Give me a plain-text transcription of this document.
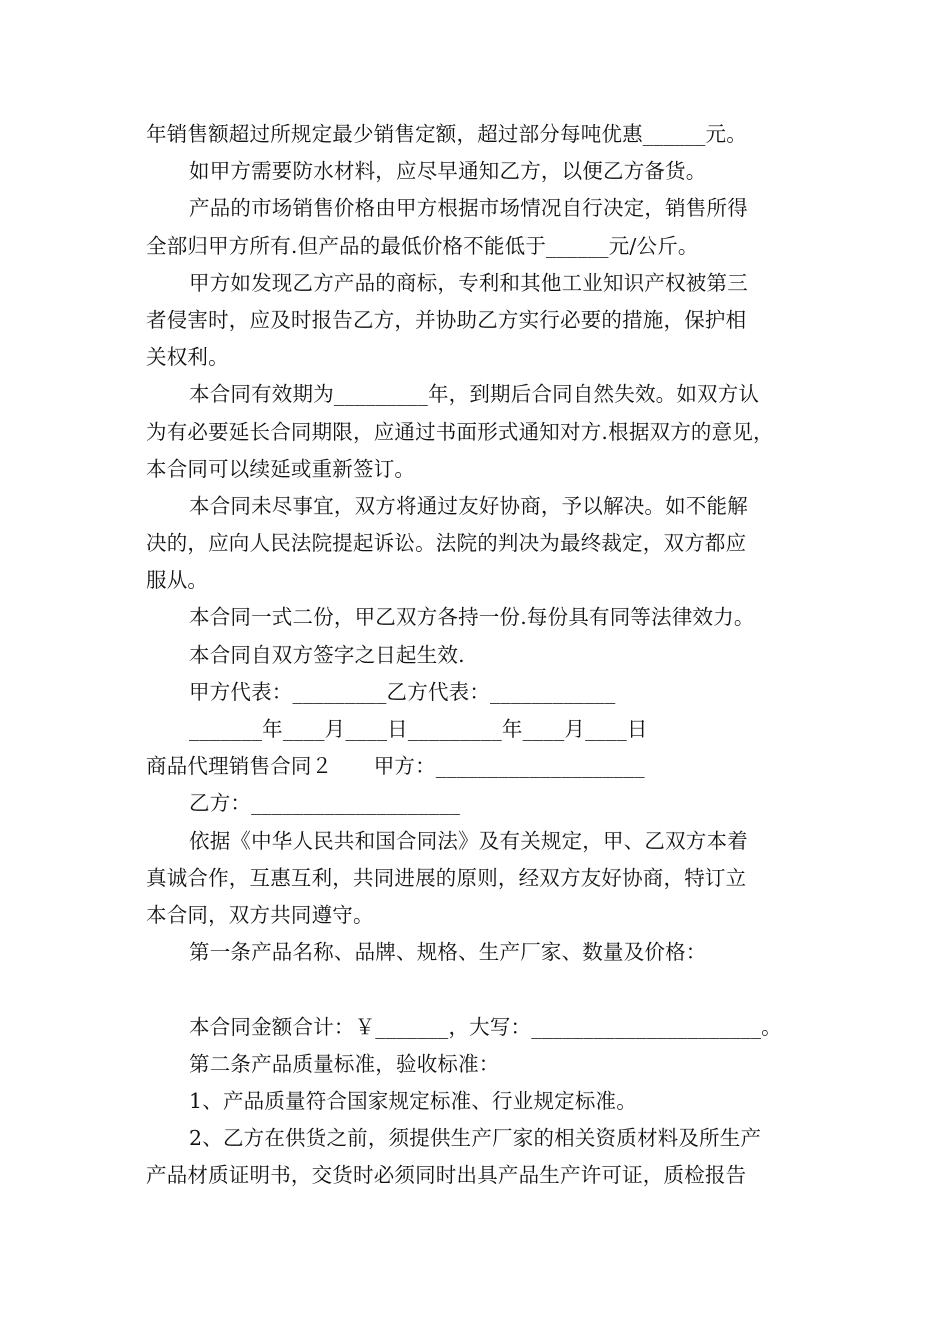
年销售额超过所规定最少销售定额，超过部分每吨优惠______元。
如甲方需要防水材料，应尽早通知乙方，以便乙方备货。
产品的市场销售价格由甲方根据市场情况自行决定，销售所得
全部归甲方所有.但产品的最低价格不能低于______元/公斤。
甲方如发现乙方产品的商标，专利和其他工业知识产权被第三
者侵害时，应及时报告乙方，并协助乙方实行必要的措施，保护相
关权利。
本合同有效期为_________年，到期后合同自然失效。如双方认
为有必要延长合同期限，应通过书面形式通知对方.根据双方的意见，
本合同可以续延或重新签订。
本合同未尽事宜，双方将通过友好协商，予以解决。如不能解
决的，应向人民法院提起诉讼。法院的判决为最终裁定，双方都应
服从。
本合同一式二份，甲乙双方各持一份.每份具有同等法律效力。
本合同自双方签字之日起生效.
甲方代表：_________乙方代表：____________
_______年____月____日_________年____月____日
商品代理销售合同２　　甲方：____________________
乙方：____________________
依据《中华人民共和国合同法》及有关规定，甲、乙双方本着
真诚合作，互惠互利，共同进展的原则，经双方友好协商，特订立
本合同，双方共同遵守。
第一条产品名称、品牌、规格、生产厂家、数量及价格：
本合同金额合计：￥_______，大写：______________________。
第二条产品质量标准，验收标准：
1、产品质量符合国家规定标准、行业规定标准。
2、乙方在供货之前，须提供生产厂家的相关资质材料及所生产
产品材质证明书，交货时必须同时出具产品生产许可证，质检报告
